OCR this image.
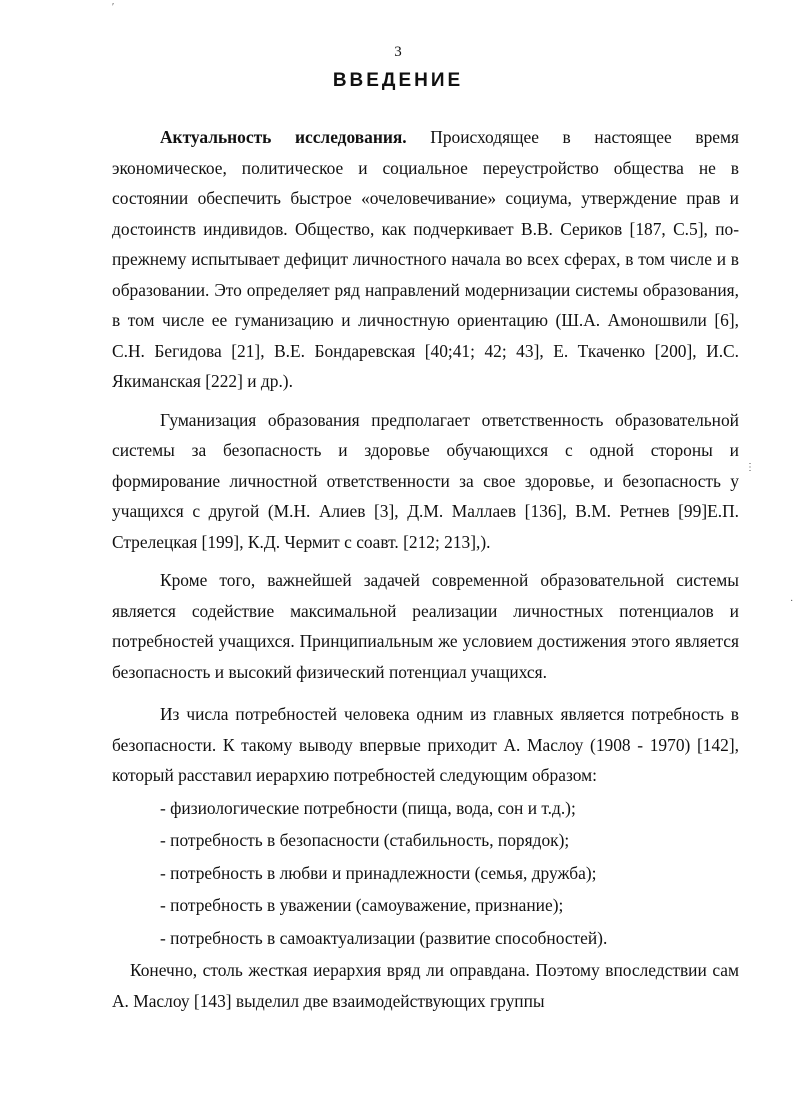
3
ВВЕДЕНИЕ

Актуальность исследования. Происходящее в настоящее время экономическое, политическое и социальное переустройство общества не в состоянии обеспечить быстрое «очеловечивание» социума, утверждение прав и достоинств индивидов. Общество, как подчеркивает В.В. Сериков [187, С.5], по-прежнему испытывает дефицит личностного начала во всех сферах, в том числе и в образовании. Это определяет ряд направлений модернизации системы образования, в том числе ее гуманизацию и личностную ориентацию (Ш.А. Амоношвили [6], С.Н. Бегидова [21], В.Е. Бондаревская [40;41; 42; 43], Е. Ткаченко [200], И.С. Якиманская [222] и др.).

Гуманизация образования предполагает ответственность образовательной системы за безопасность и здоровье обучающихся с одной стороны и формирование личностной ответственности за свое здоровье, и безопасность у учащихся с другой (М.Н. Алиев [3], Д.М. Маллаев [136], В.М. Ретнев [99]Е.П. Стрелецкая [199], К.Д. Чермит с соавт. [212; 213],).

Кроме того, важнейшей задачей современной образовательной системы является содействие максимальной реализации личностных потенциалов и потребностей учащихся. Принципиальным же условием достижения этого является безопасность и высокий физический потенциал учащихся.

Из числа потребностей человека одним из главных является потребность в безопасности. К такому выводу впервые приходит А. Маслоу (1908 - 1970) [142], который расставил иерархию потребностей следующим образом:

- физиологические потребности (пища, вода, сон и т.д.);
- потребность в безопасности (стабильность, порядок);
- потребность в любви и принадлежности (семья, дружба);
- потребность в уважении (самоуважение, признание);
- потребность в самоактуализации (развитие способностей).

Конечно, столь жесткая иерархия вряд ли оправдана. Поэтому впоследствии сам А. Маслоу [143] выделил две взаимодействующих группы

′
⋮
·
